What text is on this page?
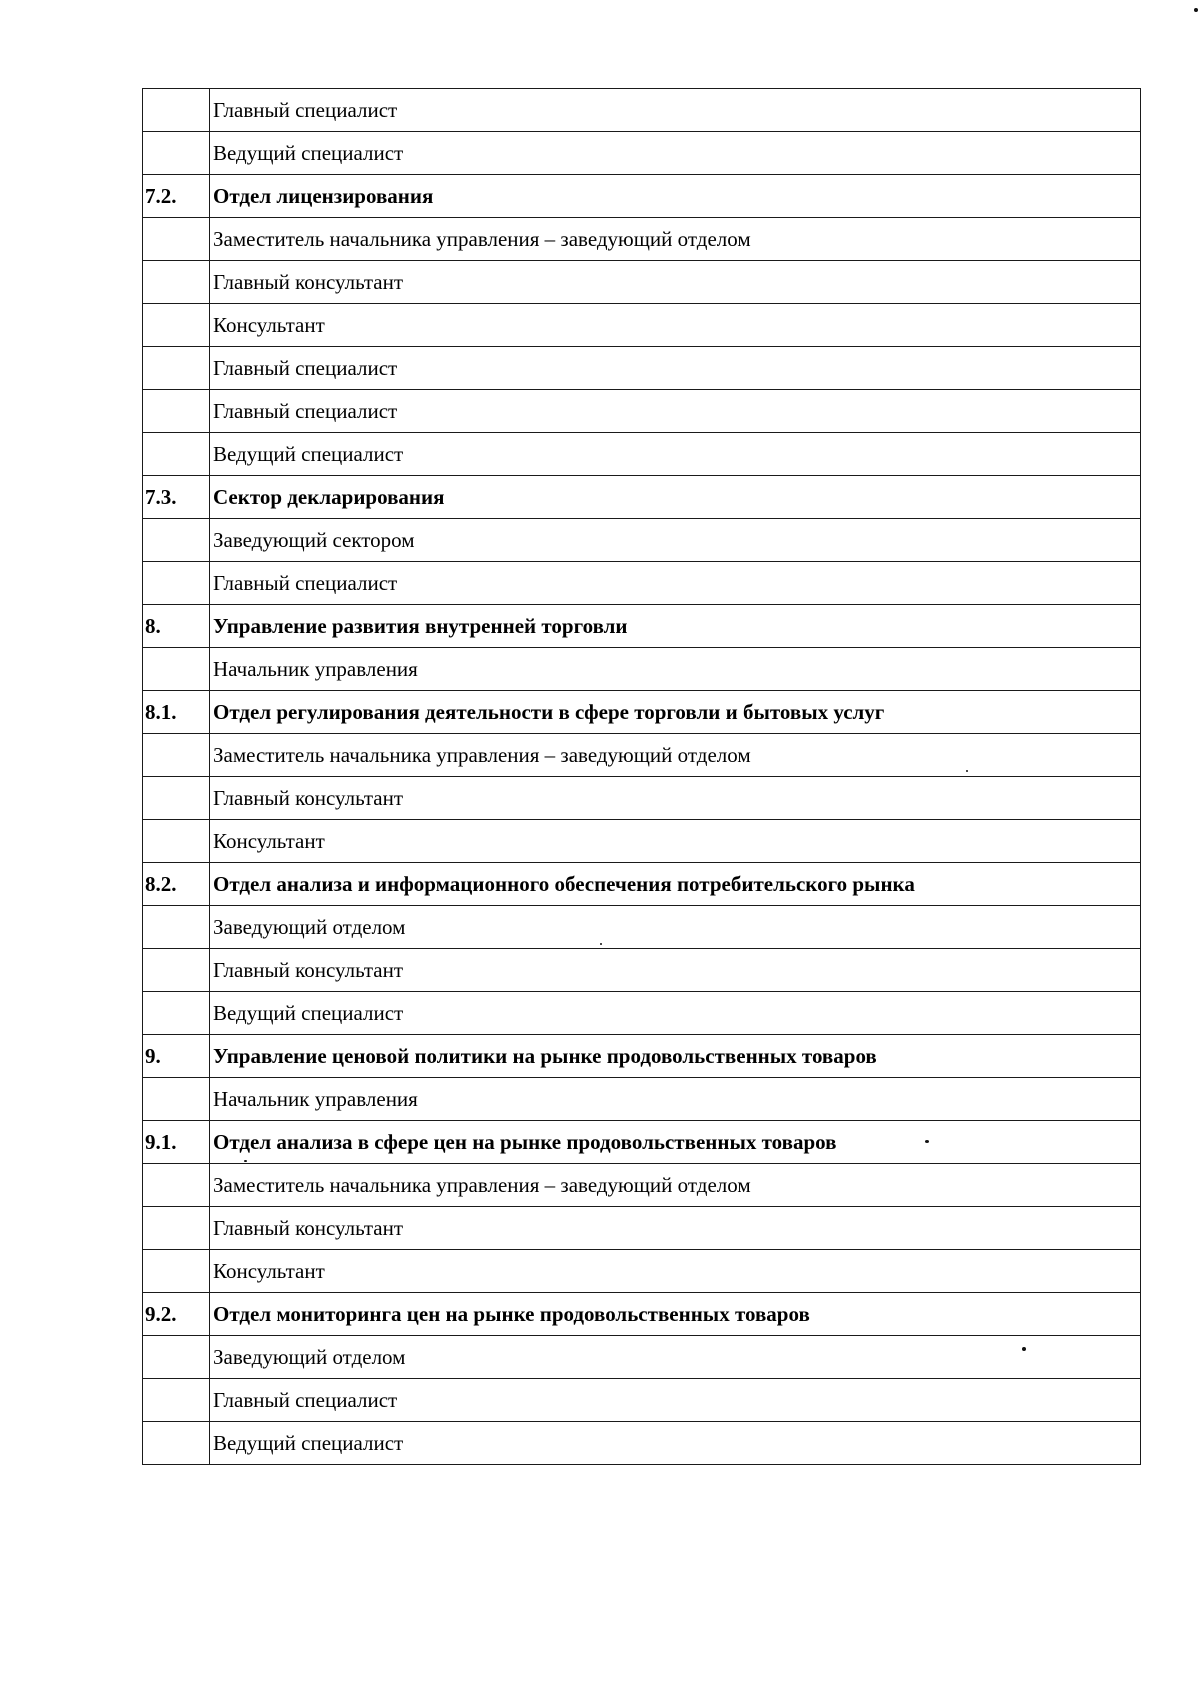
	Главный специалист
	Ведущий специалист
7.2.	Отдел лицензирования
	Заместитель начальника управления – заведующий отделом
	Главный консультант
	Консультант
	Главный специалист
	Главный специалист
	Ведущий специалист
7.3.	Сектор декларирования
	Заведующий сектором
	Главный специалист
8.	Управление развития внутренней торговли
	Начальник управления
8.1.	Отдел регулирования деятельности в сфере торговли и бытовых услуг
	Заместитель начальника управления – заведующий отделом
	Главный консультант
	Консультант
8.2.	Отдел анализа и информационного обеспечения потребительского рынка
	Заведующий отделом
	Главный консультант
	Ведущий специалист
9.	Управление ценовой политики на рынке продовольственных товаров
	Начальник управления
9.1.	Отдел анализа в сфере цен на рынке продовольственных товаров
	Заместитель начальника управления – заведующий отделом
	Главный консультант
	Консультант
9.2.	Отдел мониторинга цен на рынке продовольственных товаров
	Заведующий отделом
	Главный специалист
	Ведущий специалист
